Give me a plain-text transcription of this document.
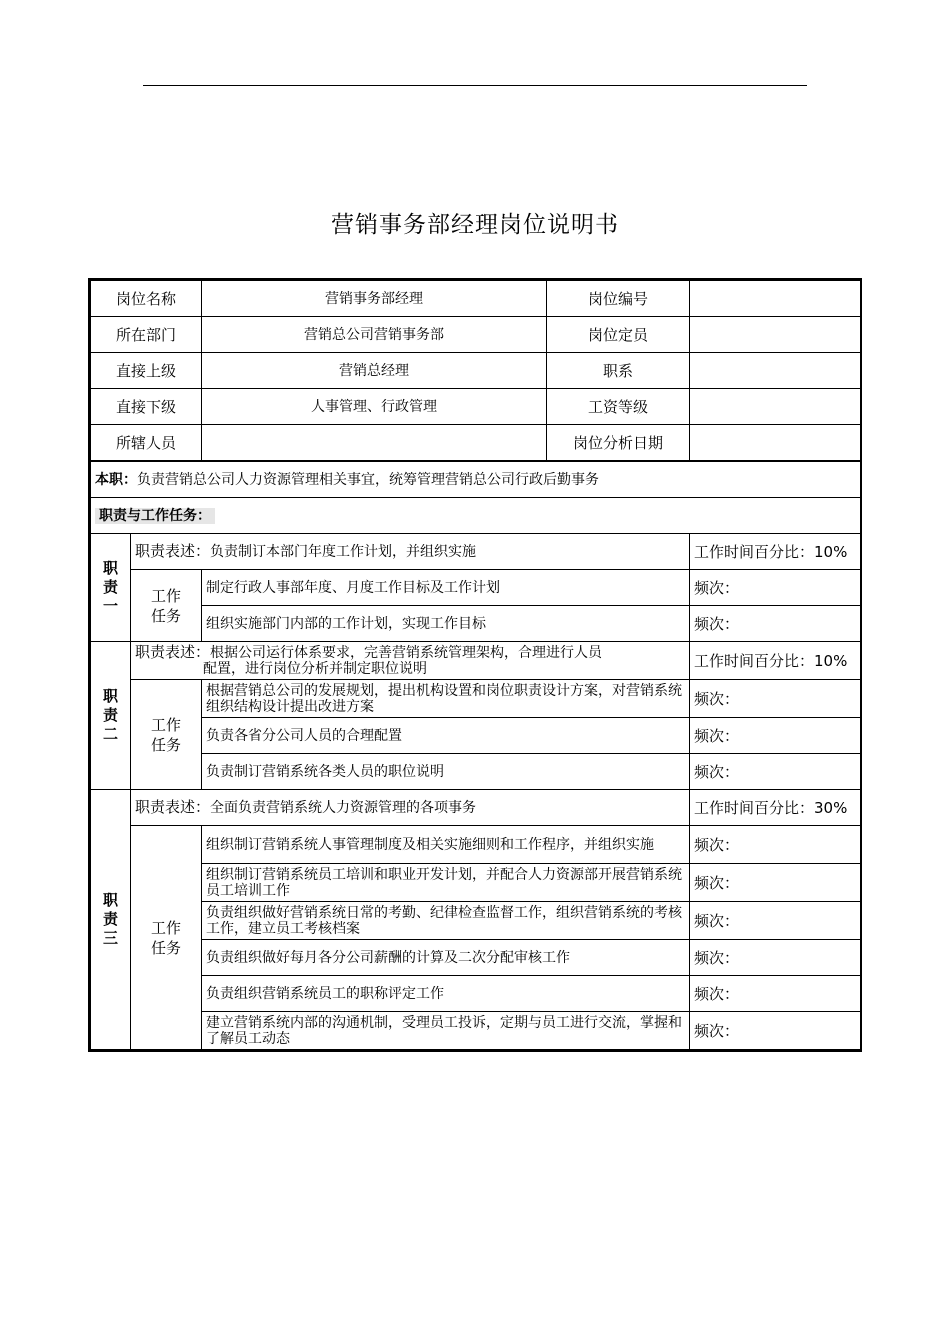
营销事务部经理岗位说明书
岗位名称		营销事务部经理	岗位编号	
所在部门		营销总公司营销事务部	岗位定员	
直接上级		营销总经理	职系	
直接下级		人事管理、行政管理	工资等级	
所辖人员			岗位分析日期	
本职：负责营销总公司人力资源管理相关事宜，统筹管理营销总公司行政后勤事务				
职责与工作任务：				
职
责
一	职责表述：负责制订本部门年度工作计划，并组织实施			工作时间百分比：10%
	工作
任务	制定行政人事部年度、月度工作目标及工作计划		频次：
		组织实施部门内部的工作计划，实现工作目标		频次：
职
责
二	职责表述：根据公司运行体系要求，完善营销系统管理架构，合理进行人员
配置，进行岗位分析并制定职位说明			工作时间百分比：10%
	工作
任务	根据营销总公司的发展规划，提出机构设置和岗位职责设计方案，对营销系统组织结构设计提出改进方案		频次：
		负责各省分公司人员的合理配置		频次：
		负责制订营销系统各类人员的职位说明		频次：
职
责
三	职责表述：全面负责营销系统人力资源管理的各项事务			工作时间百分比：30%
	工作
任务	组织制订营销系统人事管理制度及相关实施细则和工作程序，并组织实施		频次：
		组织制订营销系统员工培训和职业开发计划，并配合人力资源部开展营销系统员工培训工作		频次：
		负责组织做好营销系统日常的考勤、纪律检查监督工作，组织营销系统的考核工作，建立员工考核档案		频次：
		负责组织做好每月各分公司薪酬的计算及二次分配审核工作		频次：
		负责组织营销系统员工的职称评定工作		频次：
		建立营销系统内部的沟通机制，受理员工投诉，定期与员工进行交流，掌握和了解员工动态		频次：
